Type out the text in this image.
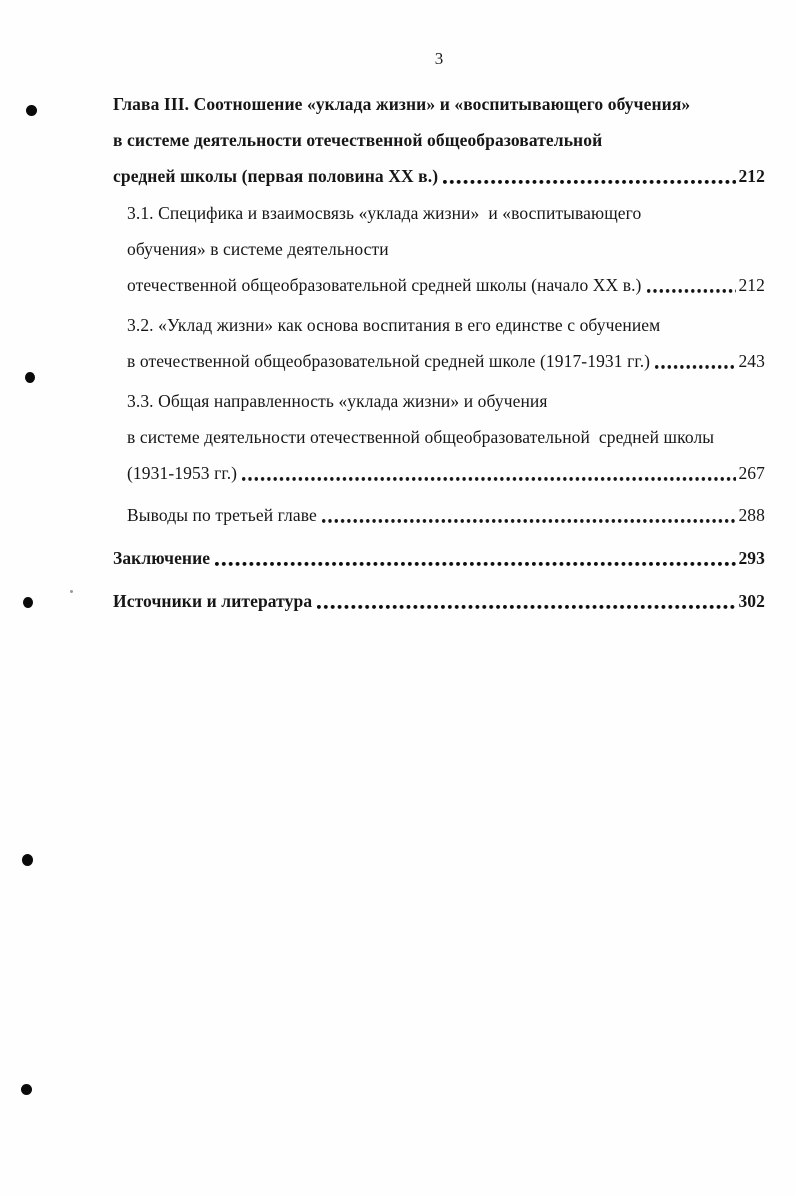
3
Глава III. Соотношение «уклада жизни» и «воспитывающего обучения»
в системе деятельности отечественной общеобразовательной
средней школы (первая половина XX в.)	212
3.1. Специфика и взаимосвязь «уклада жизни»  и «воспитывающего
обучения» в системе деятельности
отечественной общеобразовательной средней школы (начало XX в.)	212
3.2. «Уклад жизни» как основа воспитания в его единстве с обучением
в отечественной общеобразовательной средней школе (1917-1931 гг.)	243
3.3. Общая направленность «уклада жизни» и обучения
в системе деятельности отечественной общеобразовательной  средней школы
(1931-1953 гг.)	267
Выводы по третьей главе	288
Заключение	293
Источники и литература	302
